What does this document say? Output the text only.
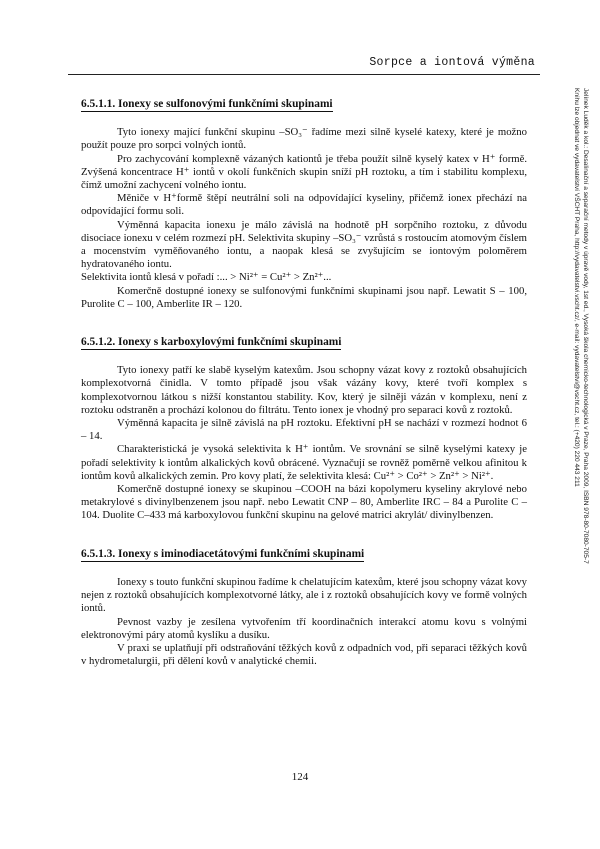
Sorpce a iontová výměna
Jelínek Luděk a kol.: Desalinační a separační metody v úpravě vody, 1st ed., Vysoká škola chemicko-technologická v Praze, Praha 2009, ISBN 978-80-7080-705-7
Knihu lze objednat ve vydavatelství VŠCHT Praha, http://vydavatelstvi.vscht.cz/, e-mail: vydavatelstvi@vscht.cz, tel.: (+420) 220 443 211
6.5.1.1. Ionexy se sulfonovými funkčními skupinami

Tyto ionexy mající funkční skupinu –SO₃⁻ řadíme mezi silně kyselé katexy, které je možno použít pouze pro sorpci volných iontů.

Pro zachycování komplexně vázaných kationtů je třeba použít silně kyselý katex v H⁺ formě. Zvýšená koncentrace H⁺ iontů v okolí funkčních skupin sníží pH roztoku, a tím i stabilitu komplexu, čímž umožní zachycení volného iontu.

Měniče v H⁺formě štěpí neutrální soli na odpovídající kyseliny, přičemž ionex přechází na odpovídající formu soli.

Výměnná kapacita ionexu je málo závislá na hodnotě pH sorpčního roztoku, z důvodu disociace ionexu v celém rozmezí pH. Selektivita skupiny –SO₃⁻ vzrůstá s rostoucím atomovým číslem a mocenstvím vyměňovaného iontu, a naopak klesá se zvyšujícím se iontovým poloměrem hydratovaného iontu.

Selektivita iontů klesá v pořadí :... > Ni²⁺ = Cu²⁺ > Zn²⁺...

Komerčně dostupné ionexy se sulfonovými funkčními skupinami jsou např. Lewatit S – 100, Purolite C – 100, Amberlite IR – 120.

6.5.1.2. Ionexy s karboxylovými funkčními skupinami

Tyto ionexy patří ke slabě kyselým katexům. Jsou schopny vázat kovy z roztoků obsahujících komplexotvorná činidla. V tomto případě jsou však vázány kovy, které tvoří komplex s komplexotvornou látkou s nižší konstantou stability. Kov, který je silněji vázán v komplexu, není z roztoku odstraněn a prochází kolonou do filtrátu. Tento ionex je vhodný pro separaci kovů z roztoků.

Výměnná kapacita je silně závislá na pH roztoku. Efektivní pH se nachází v rozmezí hodnot 6 – 14.

Charakteristická je vysoká selektivita k H⁺ iontům. Ve srovnání se silně kyselými katexy je pořadí selektivity k iontům alkalických kovů obrácené. Vyznačují se rovněž poměrně velkou afinitou k iontům kovů alkalických zemin. Pro kovy platí, že selektivita klesá: Cu²⁺ > Co²⁺ > Zn²⁺ > Ni²⁺.

Komerčně dostupné ionexy se skupinou –COOH na bázi kopolymeru kyseliny akrylové nebo metakrylové s divinylbenzenem jsou např. nebo Lewatit CNP – 80, Amberlite IRC – 84 a Purolite C – 104. Duolite C–433 má karboxylovou funkční skupinu na gelové matrici akrylát/ divinylbenzen.

6.5.1.3. Ionexy s iminodiacetátovými funkčními skupinami

Ionexy s touto funkční skupinou řadíme k chelatujícím katexům, které jsou schopny vázat kovy nejen z roztoků obsahujících komplexotvorné látky, ale i z roztoků obsahujících kovy ve formě volných iontů.

Pevnost vazby je zesílena vytvořením tří koordinačních interakcí atomu kovu s volnými elektronovými páry atomů kyslíku a dusíku.

V praxi se uplatňují při odstraňování těžkých kovů z odpadních vod, při separaci těžkých kovů v hydrometalurgii, při dělení kovů v analytické chemii.

124
